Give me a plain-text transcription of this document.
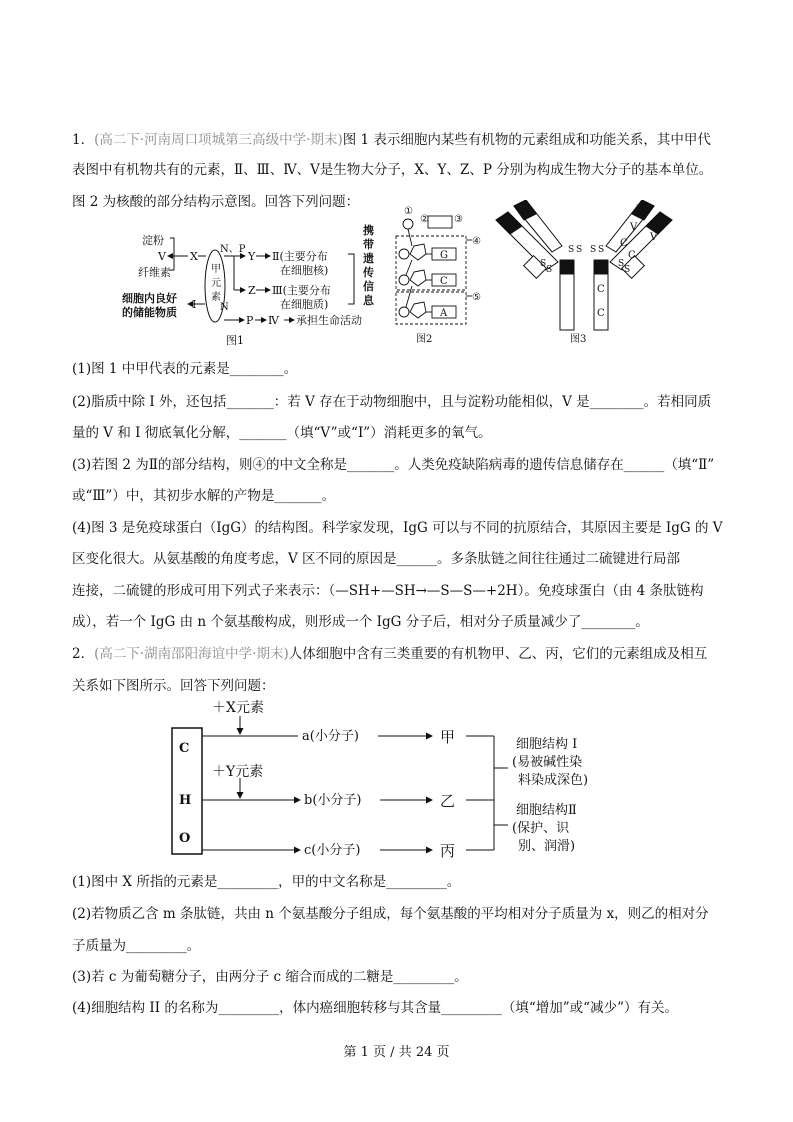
1．(高二下·河南周口项城第三高级中学·期末)图 1 表示细胞内某些有机物的元素组成和功能关系，其中甲代
表图中有机物共有的元素，Ⅱ、Ⅲ、Ⅳ、Ⅴ是生物大分子，X、Y、Z、P 分别为构成生物大分子的基本单位。
图 2 为核酸的部分结构示意图。回答下列问题：
淀粉
V
纤维素
X
N、P
Y Ⅱ(主要分布
在细胞核)
Z Ⅲ(主要分布
在细胞质)
细胞内良好
的储能物质
I N
P Ⅳ 承担生命活动
图1
甲
元
素
携
带
遗
传
信
息
①
②	③
④
⑤
G
C
A
图2
H
L
V
V
C
C
C
C
S S S S
S
S
S
S
图3
(1)图 1 中甲代表的元素是________。
(2)脂质中除 I 外，还包括_______：若 V 存在于动物细胞中，且与淀粉功能相似，V 是________。若相同质
量的 V 和 I 彻底氧化分解，_______（填“V”或“I”）消耗更多的氧气。
(3)若图 2 为Ⅱ的部分结构，则④的中文全称是_______。人类免疫缺陷病毒的遗传信息储存在______（填“Ⅱ”
或“Ⅲ”）中，其初步水解的产物是_______。
(4)图 3 是免疫球蛋白（IgG）的结构图。科学家发现，IgG 可以与不同的抗原结合，其原因主要是 IgG 的 V
区变化很大。从氨基酸的角度考虑，V 区不同的原因是______。多条肽链之间往往通过二硫键进行局部
连接，二硫键的形成可用下列式子来表示：（—SH+—SH→—S—S—+2H）。免疫球蛋白（由 4 条肽链构
成），若一个 IgG 由 n 个氨基酸构成，则形成一个 IgG 分子后，相对分子质量减少了________。
2．(高二下·湖南邵阳海谊中学·期末)人体细胞中含有三类重要的有机物甲、乙、丙，它们的元素组成及相互
关系如下图所示。回答下列问题：
C
H
O
＋X元素
＋Y元素
a(小分子)
b(小分子)
c(小分子)
甲
乙
丙
细胞结构 Ⅰ
(易被碱性染
料染成深色)
细胞结构Ⅱ
(保护、识
别、润滑)
(1)图中 X 所指的元素是_________，甲的中文名称是_________。
(2)若物质乙含 m 条肽链，共由 n 个氨基酸分子组成，每个氨基酸的平均相对分子质量为 x，则乙的相对分
子质量为_________。
(3)若 c 为葡萄糖分子，由两分子 c 缩合而成的二糖是_________。
(4)细胞结构 II 的名称为_________，体内癌细胞转移与其含量_________（填“增加”或“减少”）有关。
第 1 页 / 共 24 页
